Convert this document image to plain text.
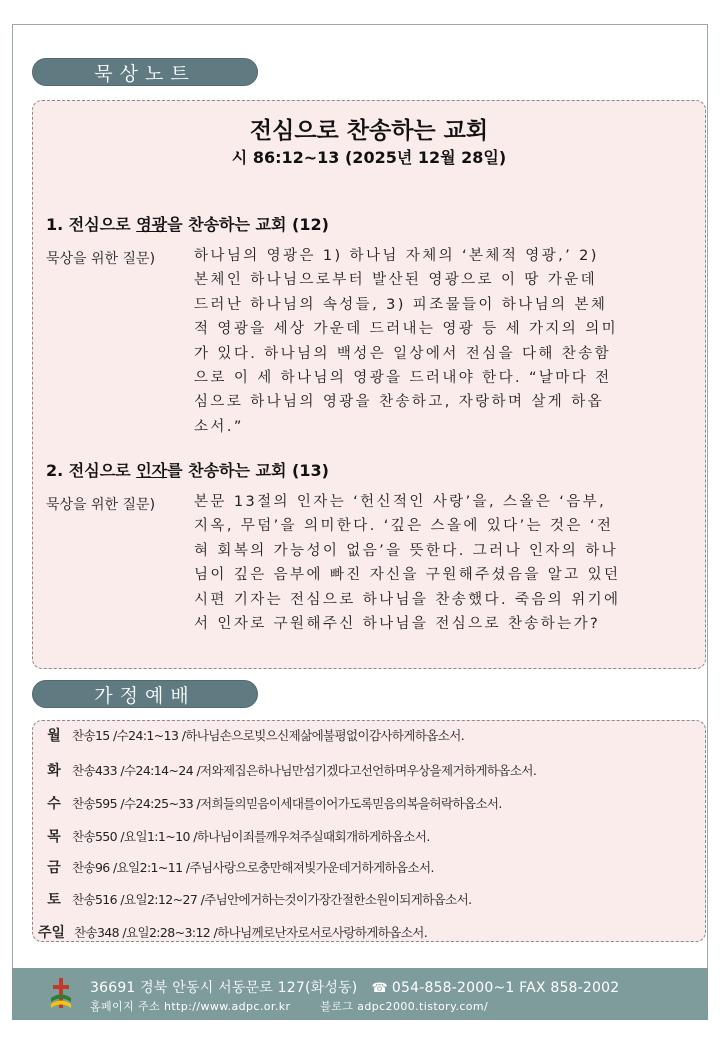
묵상노트
전심으로 찬송하는 교회
시 86:12~13 (2025년 12월 28일)
1. 전심으로 영광을 찬송하는 교회 (12)
묵상을 위한 질문)	하나님의 영광은 1) 하나님 자체의 ‘본체적 영광,’ 2)
본체인 하나님으로부터 발산된 영광으로 이 땅 가운데
드러난 하나님의 속성들, 3) 피조물들이 하나님의 본체
적 영광을 세상 가운데 드러내는 영광 등 세 가지의 의미
가 있다. 하나님의 백성은 일상에서 전심을 다해 찬송함
으로 이 세 하나님의 영광을 드러내야 한다. “날마다 전
심으로 하나님의 영광을 찬송하고, 자랑하며 살게 하옵
소서.”
2. 전심으로 인자를 찬송하는 교회 (13)
묵상을 위한 질문)	본문 13절의 인자는 ‘헌신적인 사랑’을, 스올은 ‘음부,
지옥, 무덤’을 의미한다. ‘깊은 스올에 있다’는 것은 ‘전
혀 회복의 가능성이 없음’을 뜻한다. 그러나 인자의 하나
님이 깊은 음부에 빠진 자신을 구원해주셨음을 알고 있던
시편 기자는 전심으로 하나님을 찬송했다. 죽음의 위기에
서 인자로 구원해주신 하나님을 전심으로 찬송하는가?
가정예배
월 찬송15 /수24:1~13 /하나님손으로빚으신제삶에불평없이감사하게하옵소서.
화 찬송433 /수24:14~24 /저와제집은하나님만섬기겠다고선언하며우상을제거하게하옵소서.
수 찬송595 /수24:25~33 /저희들의믿음이세대를이어가도록믿음의복을허락하옵소서.
목 찬송550 /요일1:1~10 /하나님이죄를깨우쳐주실때회개하게하옵소서.
금 찬송96 /요일2:1~11 /주님사랑으로충만해져빛가운데거하게하옵소서.
토 찬송516 /요일2:12~27 /주님안에거하는것이가장간절한소원이되게하옵소서.
주일 찬송348 /요일2:28~3:12 /하나님께로난자로서로사랑하게하옵소서.
36691 경북 안동시 서동문로 127(화성동) ☎ 054-858-2000~1 FAX 858-2002
홈페이지 주소 http://www.adpc.or.kr	블로그 adpc2000.tistory.com/
